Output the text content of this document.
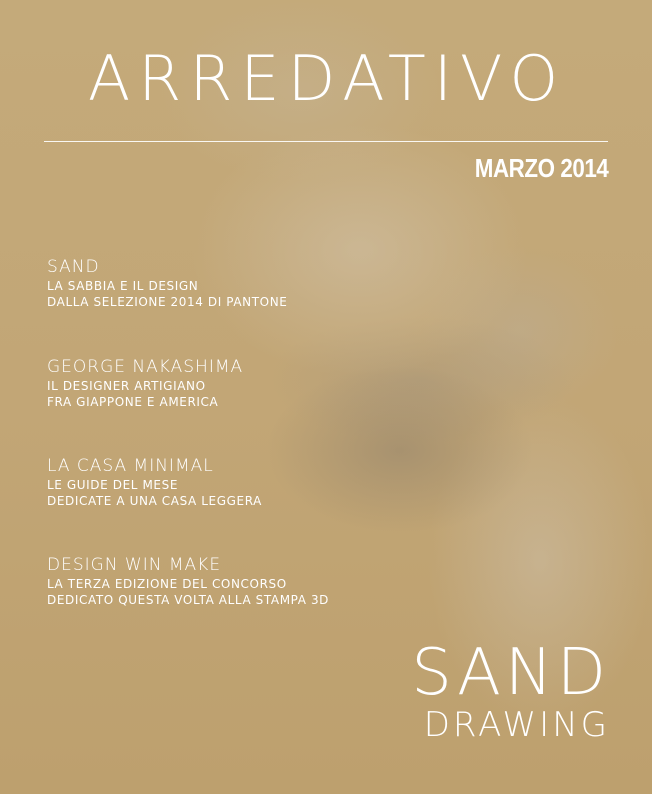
ARREDATIVO
MARZO 2014
SAND
LA SABBIA E IL DESIGN
DALLA SELEZIONE 2014 DI PANTONE
GEORGE NAKASHIMA
IL DESIGNER ARTIGIANO
FRA GIAPPONE E AMERICA
LA CASA MINIMAL
LE GUIDE DEL MESE
DEDICATE A UNA CASA LEGGERA
DESIGN WIN MAKE
LA TERZA EDIZIONE DEL CONCORSO
DEDICATO QUESTA VOLTA ALLA STAMPA 3D
SAND
DRAWING
